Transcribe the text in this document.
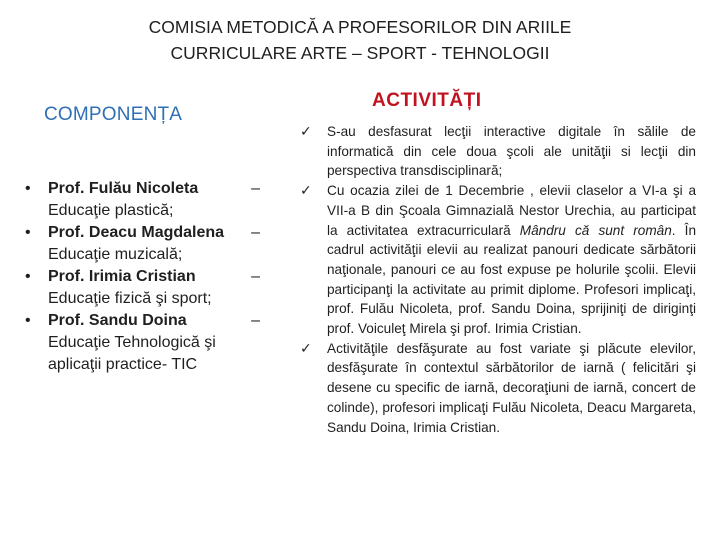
COMISIA METODICĂ A PROFESORILOR DIN ARIILE
CURRICULARE ARTE – SPORT - TEHNOLOGII
COMPONENȚA
ACTIVITĂȚI
• Prof. Fulău Nicoleta	–
Educaţie plastică;
• Prof. Deacu Magdalena –
Educaţie muzicală;
• Prof. Irimia Cristian	–
Educaţie fizică şi sport;
• Prof. Sandu Doina	–
Educaţie Tehnologică şi aplicaţii practice- TIC
✓ S-au desfasurat lecţii interactive digitale în sălile de informatică din cele doua şcoli ale unităţii si lecţii din perspectiva transdisciplinară;
✓ Cu ocazia zilei de 1 Decembrie , elevii claselor a VI-a şi a VII-a B din Şcoala Gimnazială Nestor Urechia, au participat la activitatea extracurriculară Mândru că sunt român. În cadrul activităţii elevii au realizat panouri dedicate sărbătorii naţionale, panouri ce au fost expuse pe holurile şcolii. Elevii participanţi la activitate au primit diplome. Profesori implicaţi, prof. Fulău Nicoleta, prof. Sandu Doina, sprijiniţi de diriginţi prof. Voiculeţ Mirela şi prof. Irimia Cristian.
✓ Activităţile desfăşurate au fost variate şi plăcute elevilor, desfăşurate în contextul sărbătorilor de iarnă ( felicitări şi desene cu specific de iarnă, decoraţiuni de iarnă, concert de colinde), profesori implicaţi Fulău Nicoleta, Deacu Margareta, Sandu Doina, Irimia Cristian.
